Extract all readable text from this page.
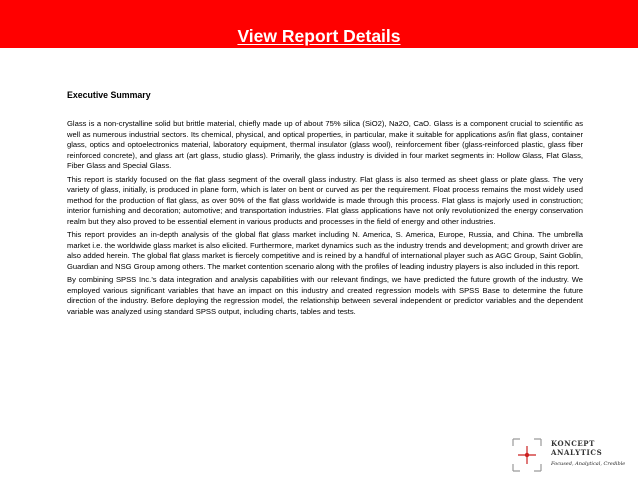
View Report Details
Executive Summary

Glass is a non-crystalline solid but brittle material, chiefly made up of about 75% silica (SiO2), Na2O, CaO. Glass is a component crucial to scientific as well as numerous industrial sectors. Its chemical, physical, and optical properties, in particular, make it suitable for applications as/in flat glass, container glass, optics and optoelectronics material, laboratory equipment, thermal insulator (glass wool), reinforcement fiber (glass-reinforced plastic, glass fiber reinforced concrete), and glass art (art glass, studio glass). Primarily, the glass industry is divided in four market segments in: Hollow Glass, Flat Glass, Fiber Glass and Special Glass.

This report is starkly focused on the flat glass segment of the overall glass industry. Flat glass is also termed as sheet glass or plate glass. The very variety of glass, initially, is produced in plane form, which is later on bent or curved as per the requirement. Float process remains the most widely used method for the production of flat glass, as over 90% of the flat glass worldwide is made through this process. Flat glass is majorly used in construction; interior furnishing and decoration; automotive; and transportation industries. Flat glass applications have not only revolutionized the energy conservation realm but they also proved to be essential element in various products and processes in the field of energy and other industries.

This report provides an in-depth analysis of the global flat glass market including N. America, S. America, Europe, Russia, and China. The umbrella market i.e. the worldwide glass market is also elicited. Furthermore, market dynamics such as the industry trends and development; and growth driver are also added herein. The global flat glass market is fiercely competitive and is reined by a handful of international player such as AGC Group, Saint Goblin, Guardian and NSG Group among others. The market contention scenario along with the profiles of leading industry players is also included in this report.

By combining SPSS Inc.’s data integration and analysis capabilities with our relevant findings, we have predicted the future growth of the industry. We employed various significant variables that have an impact on this industry and created regression models with SPSS Base to determine the future direction of the industry. Before deploying the regression model, the relationship between several independent or predictor variables and the dependent variable was analyzed using standard SPSS output, including charts, tables and tests.

KONCEPT
ANALYTICS
Focused, Analytical, Credible
